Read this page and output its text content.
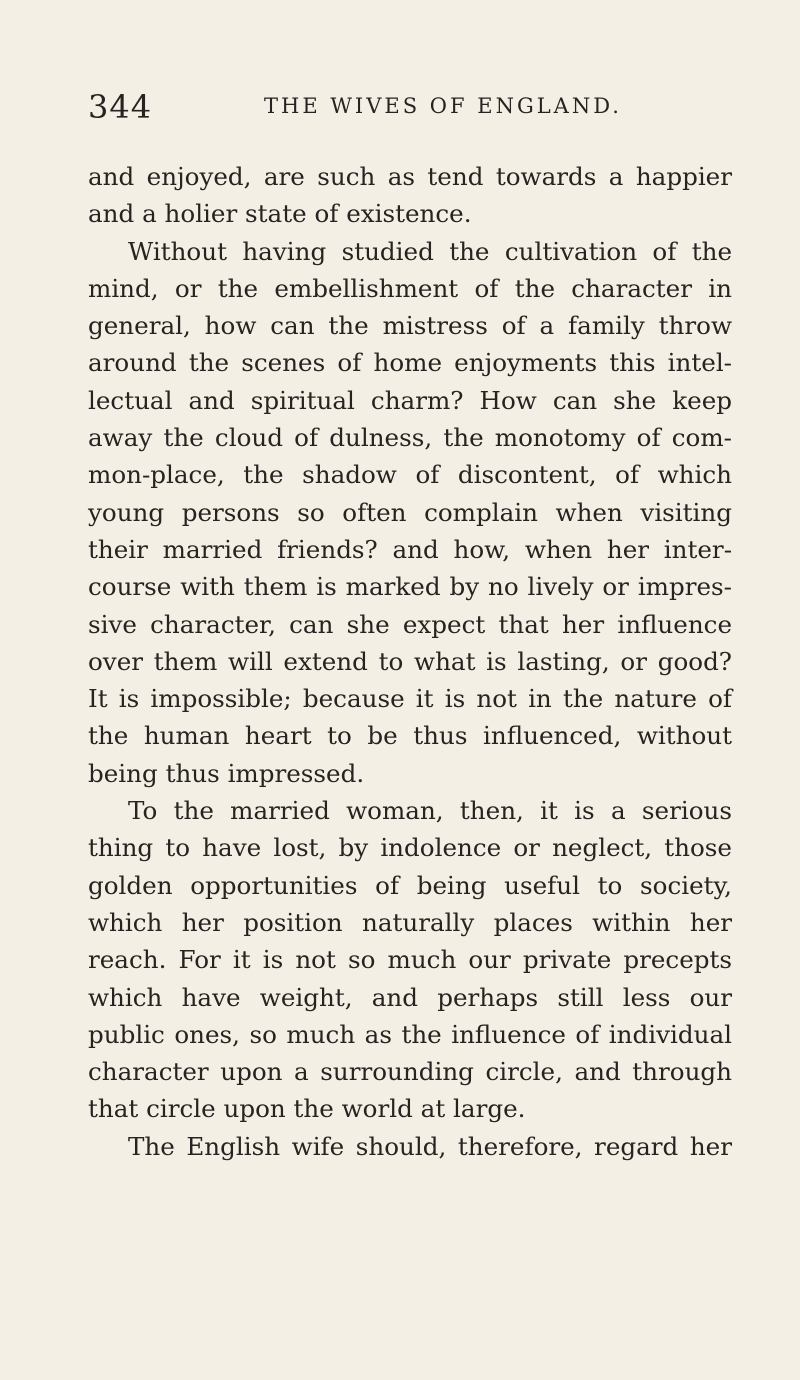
344	THE WIVES OF ENGLAND.
and enjoyed, are such as tend towards a happier
and a holier state of existence.
Without having studied the cultivation of the
mind, or the embellishment of the character in
general, how can the mistress of a family throw
around the scenes of home enjoyments this intel-
lectual and spiritual charm? How can she keep
away the cloud of dulness, the monotomy of com-
mon-place, the shadow of discontent, of which
young persons so often complain when visiting
their married friends? and how, when her inter-
course with them is marked by no lively or impres-
sive character, can she expect that her influence
over them will extend to what is lasting, or good?
It is impossible; because it is not in the nature of
the human heart to be thus influenced, without
being thus impressed.
To the married woman, then, it is a serious
thing to have lost, by indolence or neglect, those
golden opportunities of being useful to society,
which her position naturally places within her
reach. For it is not so much our private precepts
which have weight, and perhaps still less our
public ones, so much as the influence of individual
character upon a surrounding circle, and through
that circle upon the world at large.
The English wife should, therefore, regard her
